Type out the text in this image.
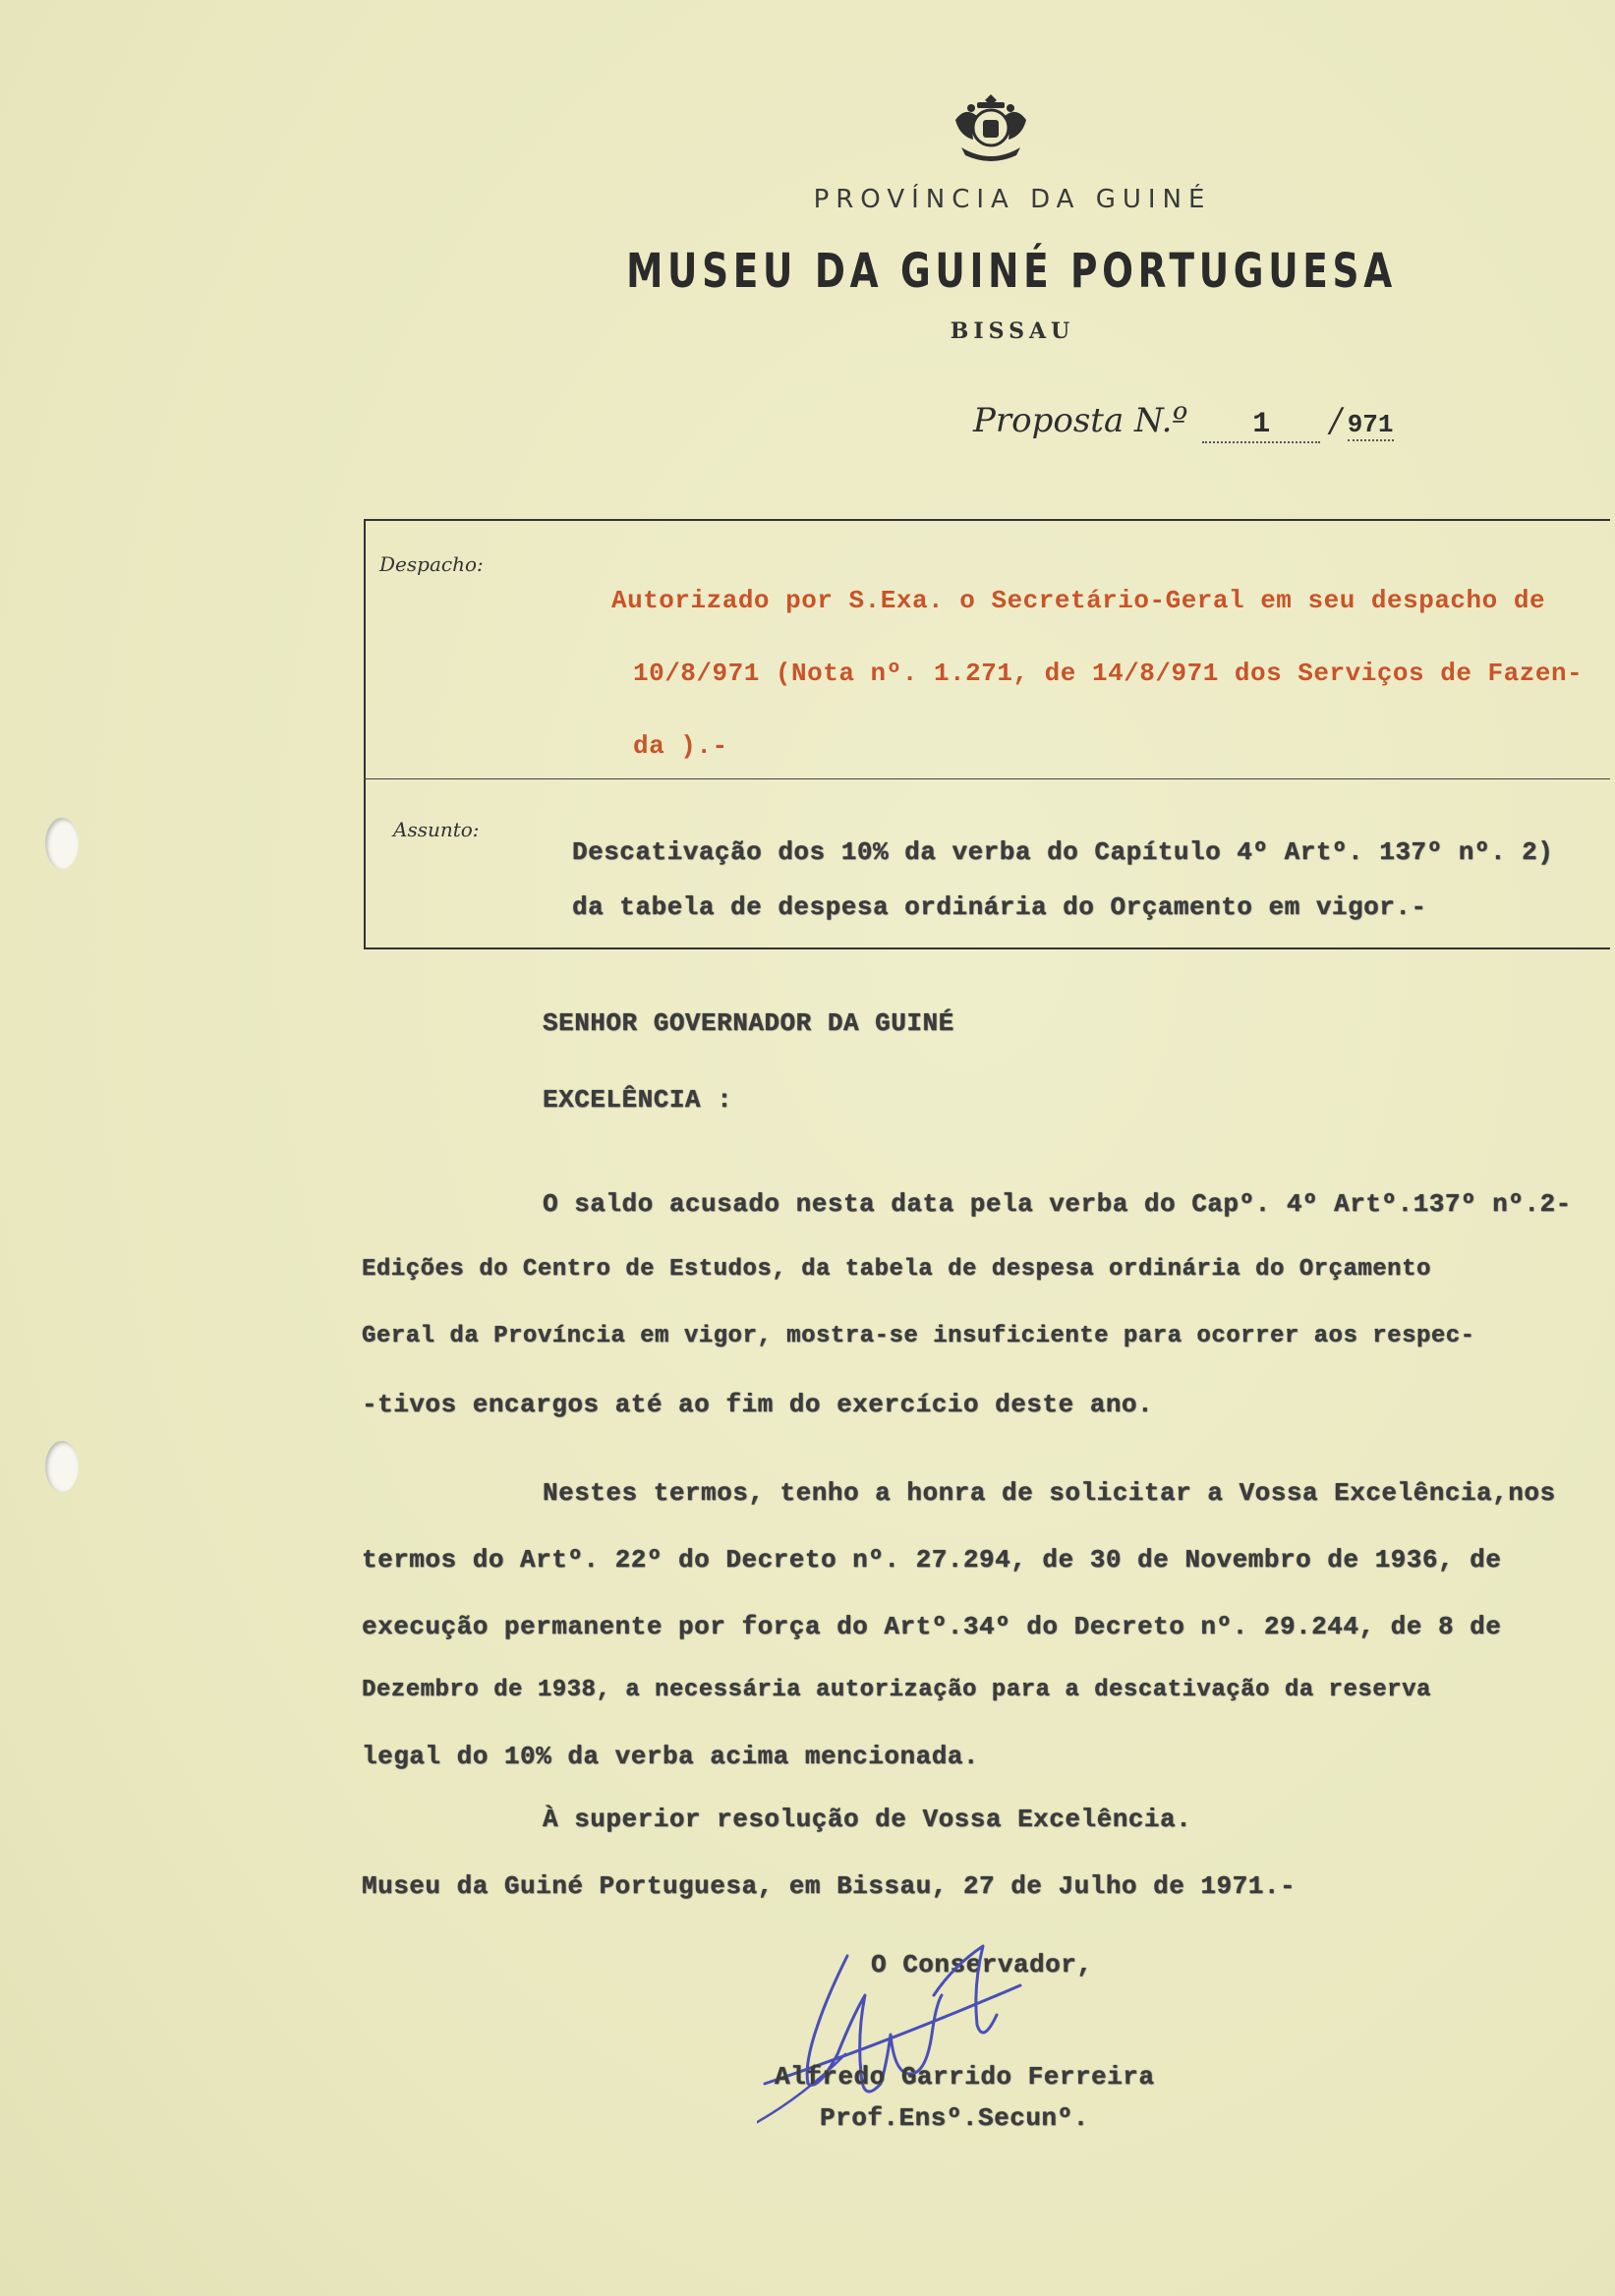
PROVÍNCIA DA GUINÉ
MUSEU DA GUINÉ PORTUGUESA
BISSAU
Proposta N.º 1 / 971
Despacho:
Autorizado por S.Exa. o Secretário-Geral em seu despacho de
10/8/971 (Nota nº. 1.271, de 14/8/971 dos Serviços de Fazen-
da ).-
Assunto:
Descativação dos 10% da verba do Capítulo 4º Artº. 137º nº. 2)
da tabela de despesa ordinária do Orçamento em vigor.-
SENHOR GOVERNADOR DA GUINÉ
EXCELÊNCIA :
O saldo acusado nesta data pela verba do Capº. 4º Artº.137º nº.2-
Edições do Centro de Estudos, da tabela de despesa ordinária do Orçamento
Geral da Província em vigor, mostra-se insuficiente para ocorrer aos respec-
-tivos encargos até ao fim do exercício deste ano.
Nestes termos, tenho a honra de solicitar a Vossa Excelência,nos
termos do Artº. 22º do Decreto nº. 27.294, de 30 de Novembro de 1936, de
execução permanente por força do Artº.34º do Decreto nº. 29.244, de 8 de
Dezembro de 1938, a necessária autorização para a descativação da reserva
legal do 10% da verba acima mencionada.
À superior resolução de Vossa Excelência.
Museu da Guiné Portuguesa, em Bissau, 27 de Julho de 1971.-
O Conservador,
Alfredo Garrido Ferreira
Prof.Ensº.Secunº.
